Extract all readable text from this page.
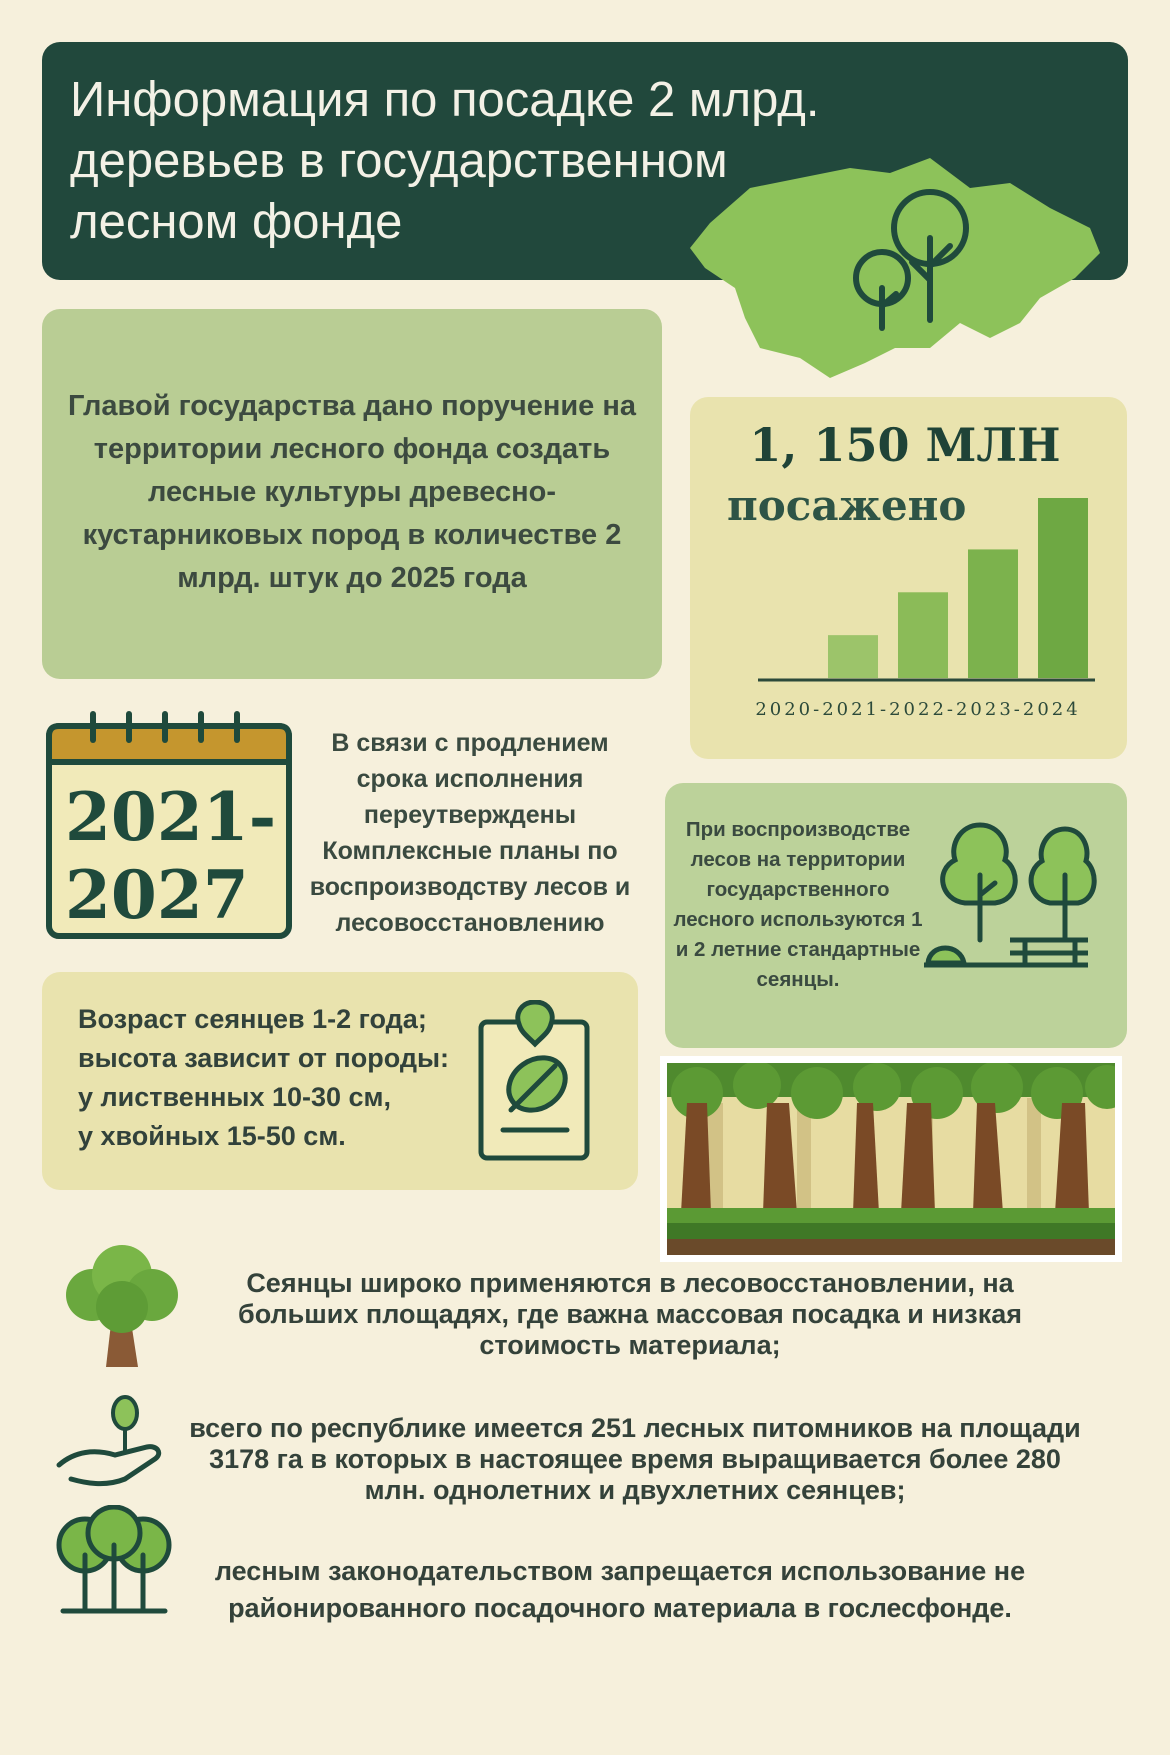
Информация по посадке 2 млрд. деревьев в государственном лесном фонде
Главой государства дано поручение на территории лесного фонда создать лесные культуры древесно-кустарниковых пород в количестве 2 млрд. штук до 2025 года
1, 150 МЛН
посажено
2020-2021-2022-2023-2024
2021-
2027
В связи с продлением срока исполнения переутверждены Комплексные планы по воспроизводству лесов и лесовосстановлению
При воспроизводстве лесов на территории государственного лесного используются 1 и 2 летние стандартные сеянцы.
Возраст сеянцев 1-2 года;
высота зависит от породы:
у лиственных 10-30 см,
у хвойных 15-50 см.
Сеянцы широко применяются в лесовосстановлении, на больших площадях, где важна массовая посадка и низкая стоимость материала;
всего по республике имеется 251 лесных питомников на площади 3178 га в которых в настоящее время выращивается более 280 млн. однолетних и двухлетних сеянцев;
лесным законодательством запрещается использование не районированного посадочного материала в гослесфонде.
